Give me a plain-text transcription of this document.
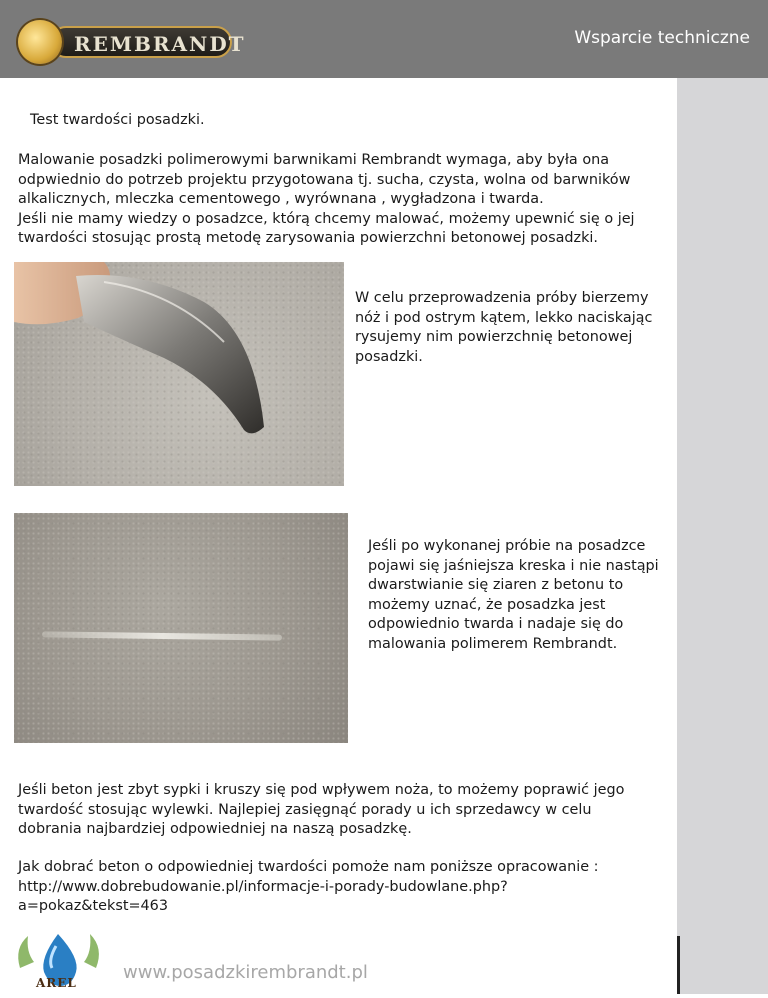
REMBRANDT	Wsparcie techniczne
Test twardości posadzki.

Malowanie posadzki polimerowymi barwnikami Rembrandt wymaga, aby była ona

odpwiednio do potrzeb projektu przygotowana tj. sucha, czysta, wolna od barwników

alkalicznych, mleczka cementowego , wyrównana , wygładzona i twarda.

Jeśli nie mamy wiedzy o posadzce, którą chcemy malować, możemy upewnić się o jej

twardości stosując prostą metodę zarysowania powierzchni betonowej posadzki.

W celu przeprowadzenia próby bierzemy nóż i pod ostrym kątem, lekko naciskając rysujemy nim powierzchnię betonowej posadzki.
Jeśli po wykonanej próbie na posadzce pojawi się jaśniejsza kreska i nie nastąpi dwarstwianie się ziaren z betonu to możemy uznać, że posadzka jest odpowiednio twarda i nadaje się do malowania polimerem Rembrandt.

Jeśli beton jest zbyt sypki i kruszy się pod wpływem noża, to możemy poprawić jego

twardość stosując wylewki. Najlepiej zasięgnąć porady u ich sprzedawcy w celu

dobrania najbardziej odpowiedniej na naszą posadzkę.

Jak dobrać beton o odpowiedniej twardości pomoże nam poniższe opracowanie :

http://www.dobrebudowanie.pl/informacje-i-porady-budowlane.php?a=pokaz&tekst=463

AREL	www.posadzkirembrandt.pl
